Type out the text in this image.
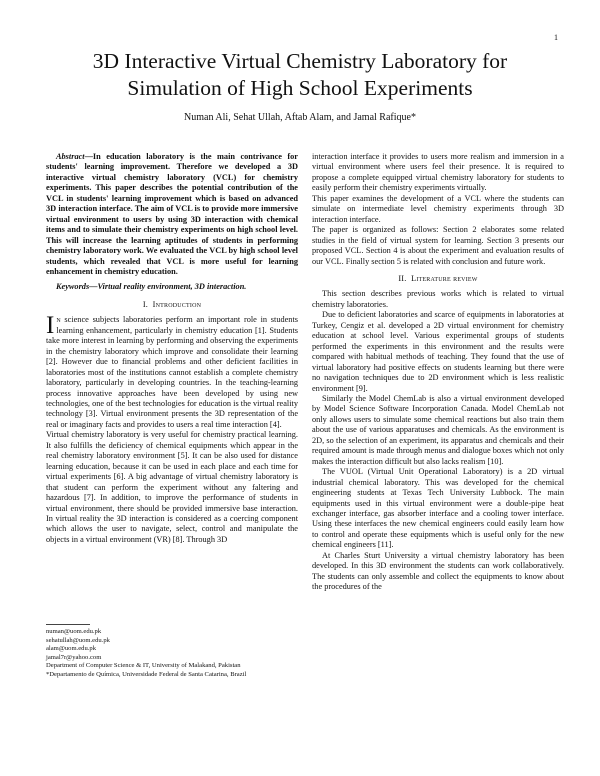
1
3D Interactive Virtual Chemistry Laboratory for
Simulation of High School Experiments
Numan Ali, Sehat Ullah, Aftab Alam, and Jamal Rafique*

Abstract—In education laboratory is the main contrivance for students' learning improvement. Therefore we developed a 3D interactive virtual chemistry laboratory (VCL) for chemistry experiments. This paper describes the potential contribution of the VCL in students' learning improvement which is based on advanced 3D interaction interface. The aim of VCL is to provide more immersive virtual environment to users by using 3D interaction with chemical items and to simulate their chemistry experiments on high school level. This will increase the learning aptitudes of students in performing chemistry laboratory work. We evaluated the VCL by high school level students, which revealed that VCL is more useful for learning enhancement in chemistry education.

Keywords—Virtual reality environment, 3D interaction.

I. Introduction

In science subjects laboratories perform an important role in students learning enhancement, particularly in chemistry education [1]. Students take more interest in learning by performing and observing the experiments in the chemistry laboratory which improve and consolidate their learning [2]. However due to financial problems and other deficient facilities in laboratories most of the institutions cannot establish a complete chemistry laboratory, particularly in developing countries. In the teaching-learning process innovative approaches have been developed by using new technologies, one of the best technologies for education is the virtual reality technology [3]. Virtual environment presents the 3D representation of the real or imaginary facts and provides to users a real time interaction [4].

Virtual chemistry laboratory is very useful for chemistry practical learning. It also fulfills the deficiency of chemical equipments which appear in the real chemistry laboratory environment [5]. It can be also used for distance learning education, because it can be used in each place and each time for virtual experiments [6]. A big advantage of virtual chemistry laboratory is that student can perform the experiment without any faltering and hazardous [7]. In addition, to improve the performance of students in virtual environment, there should be provided immersive base interaction. In virtual reality the 3D interaction is considered as a coercing component which allows the user to navigate, select, control and manipulate the objects in a virtual environment (VR) [8]. Through 3D

numan@uom.edu.pk
sehatullah@uom.edu.pk
alam@uom.edu.pk
jamal7r@yahoo.com
Department of Computer Science & IT, University of Malakand, Pakistan
*Departamento de Química, Universidade Federal de Santa Catarina, Brazil

interaction interface it provides to users more realism and immersion in a virtual environment where users feel their presence. It is required to propose a complete equipped virtual chemistry laboratory for students to easily perform their chemistry experiments virtually.

This paper examines the development of a VCL where the students can simulate on intermediate level chemistry experiments through 3D interaction interface.

The paper is organized as follows: Section 2 elaborates some related studies in the field of virtual system for learning. Section 3 presents our proposed VCL. Section 4 is about the experiment and evaluation results of our VCL. Finally section 5 is related with conclusion and future work.

II. Literature review

This section describes previous works which is related to virtual chemistry laboratories.

Due to deficient laboratories and scarce of equipments in laboratories at Turkey, Cengiz et al. developed a 2D virtual environment for chemistry education at school level. Various experimental groups of students performed the experiments in this environment and the results were compared with habitual methods of teaching. They found that the use of virtual laboratory had positive effects on students learning but there were no navigation techniques due to 2D environment which is less realistic environment [9].

Similarly the Model ChemLab is also a virtual environment developed by Model Science Software Incorporation Canada. Model ChemLab not only allows users to simulate some chemical reactions but also train them about the use of various apparatuses and chemicals. As the environment is 2D, so the selection of an experiment, its apparatus and chemicals and their required amount is made through menus and dialogue boxes which not only makes the interaction difficult but also lacks realism [10].

The VUOL (Virtual Unit Operational Laboratory) is a 2D virtual industrial chemical laboratory. This was developed for the chemical engineering students at Texas Tech University Lubbock. The main equipments used in this virtual environment were a double-pipe heat exchanger interface, gas absorber interface and a cooling tower interface. Using these interfaces the new chemical engineers could easily learn how to control and operate these equipments which is useful only for the new chemical engineers [11].

At Charles Sturt University a virtual chemistry laboratory has been developed. In this 3D environment the students can work collaboratively. The students can only assemble and collect the equipments to know about the procedures of the
